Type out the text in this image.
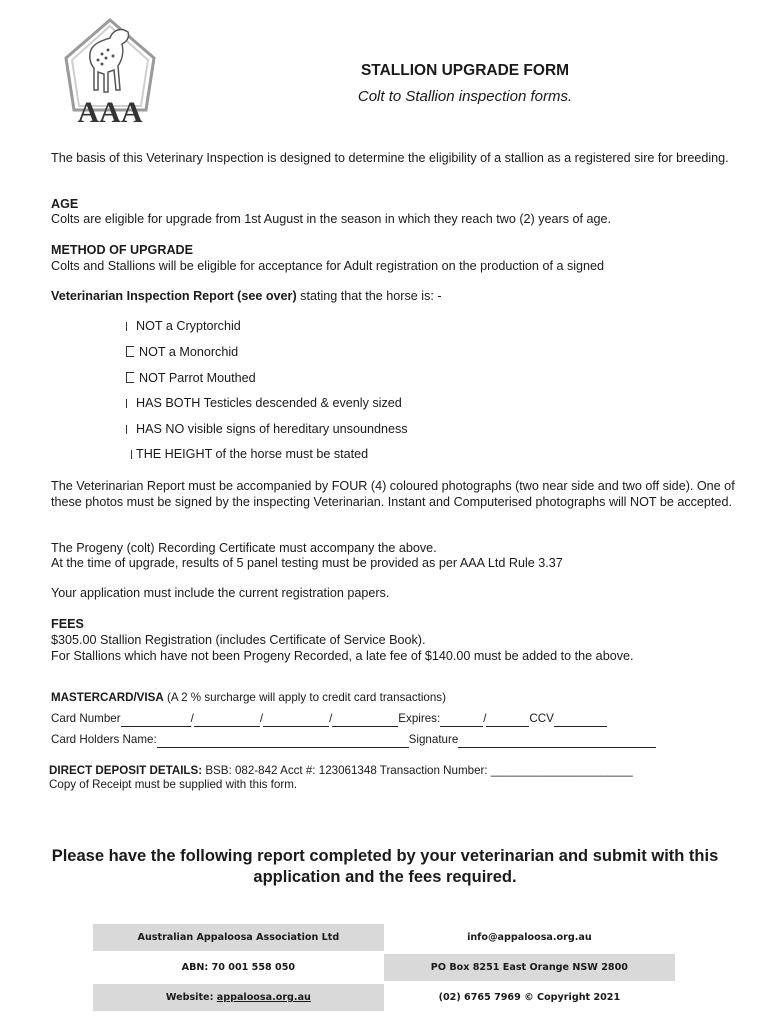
AAA
STALLION UPGRADE FORM
Colt to Stallion inspection forms.
The basis of this Veterinary Inspection is designed to determine the eligibility of a stallion as a registered sire for breeding.
AGE
Colts are eligible for upgrade from 1st August in the season in which they reach two (2) years of age.
METHOD OF UPGRADE
Colts and Stallions will be eligible for acceptance for Adult registration on the production of a signed
Veterinarian Inspection Report (see over) stating that the horse is: -
NOT a Cryptorchid
NOT a Monorchid
NOT Parrot Mouthed
HAS BOTH Testicles descended & evenly sized
HAS NO visible signs of hereditary unsoundness
THE HEIGHT of the horse must be stated
The Veterinarian Report must be accompanied by FOUR (4) coloured photographs (two near side and two off side). One of these photos must be signed by the inspecting Veterinarian. Instant and Computerised photographs will NOT be accepted.
The Progeny (colt) Recording Certificate must accompany the above.
At the time of upgrade, results of 5 panel testing must be provided as per AAA Ltd Rule 3.37
Your application must include the current registration papers.
FEES
$305.00 Stallion Registration (includes Certificate of Service Book).
For Stallions which have not been Progeny Recorded, a late fee of $140.00 must be added to the above.
MASTERCARD/VISA (A 2 % surcharge will apply to credit card transactions)
Card Number	/	/	/	Expires:	/	CCV
Card Holders Name:	Signature
DIRECT DEPOSIT DETAILS: BSB: 082-842 Acct #: 123061348 Transaction Number: ______________________
Copy of Receipt must be supplied with this form.
Please have the following report completed by your veterinarian and submit with this application and the fees required.
Australian Appaloosa Association Ltd	info@appaloosa.org.au
ABN: 70 001 558 050	PO Box 8251 East Orange NSW 2800
Website: appaloosa.org.au	(02) 6765 7969 © Copyright 2021
